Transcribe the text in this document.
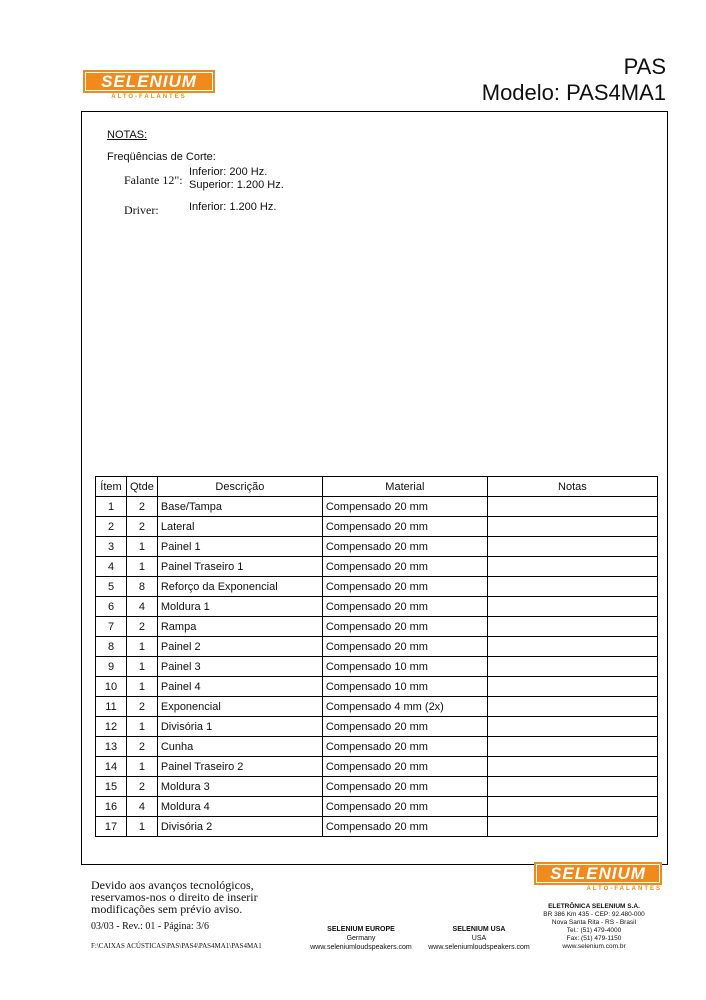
SELENIUM
ALTO-FALANTES
PAS
Modelo: PAS4MA1
NOTAS:
Freqüências de Corte:
Falante 12":
Inferior: 200 Hz.
Superior: 1.200 Hz.
Driver:	Inferior: 1.200 Hz.
Ítem	Qtde	Descrição	Material	Notas
1	2	Base/Tampa	Compensado 20 mm	
2	2	Lateral	Compensado 20 mm	
3	1	Painel 1	Compensado 20 mm	
4	1	Painel Traseiro 1	Compensado 20 mm	
5	8	Reforço da Exponencial	Compensado 20 mm	
6	4	Moldura 1	Compensado 20 mm	
7	2	Rampa	Compensado 20 mm	
8	1	Painel 2	Compensado 20 mm	
9	1	Painel 3	Compensado 10 mm	
10	1	Painel 4	Compensado 10 mm	
11	2	Exponencial	Compensado 4 mm (2x)	
12	1	Divisória 1	Compensado 20 mm	
13	2	Cunha	Compensado 20 mm	
14	1	Painel Traseiro 2	Compensado 20 mm	
15	2	Moldura 3	Compensado 20 mm	
16	4	Moldura 4	Compensado 20 mm	
17	1	Divisória 2	Compensado 20 mm	
Devido aos avanços tecnológicos,
reservamos-nos o direito de inserir
modificações sem prévio aviso.
03/03 - Rev.: 01 - Página: 3/6
F:\CAIXAS ACÚSTICAS\PAS\PAS4\PAS4MA1\PAS4MA1
SELENIUM EUROPE
Germany
www.seleniumloudspeakers.com
SELENIUM USA
USA
www.seleniumloudspeakers.com
SELENIUM
ALTO-FALANTES
ELETRÔNICA SELENIUM S.A.
BR 386 Km 435 - CEP: 92.480-000
Nova Santa Rita - RS - Brasil
Tel.: (51) 479-4000
Fax: (51) 479-1150
www.selenium.com.br
